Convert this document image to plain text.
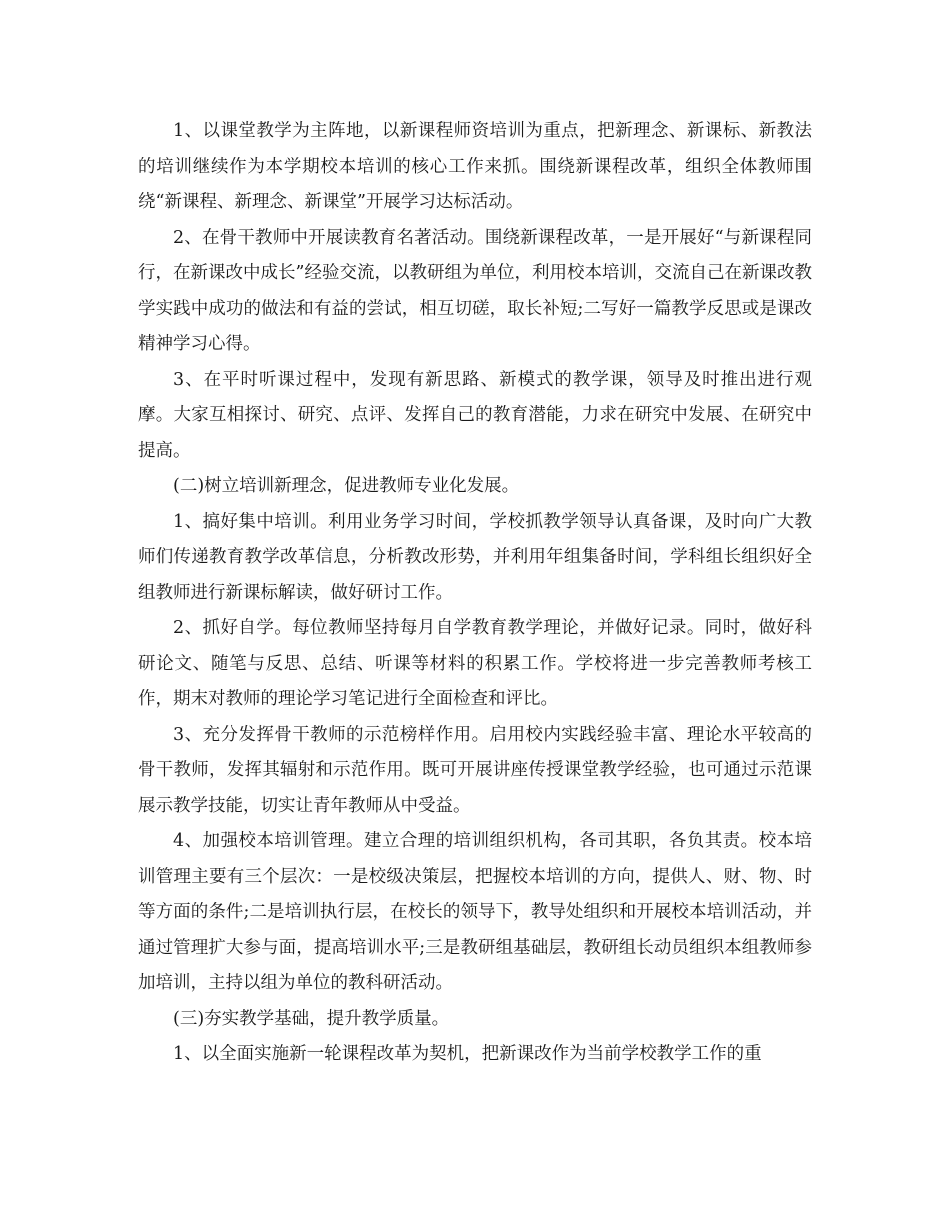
1、以课堂教学为主阵地，以新课程师资培训为重点，把新理念、新课标、新教法的培训继续作为本学期校本培训的核心工作来抓。围绕新课程改革，组织全体教师围绕“新课程、新理念、新课堂”开展学习达标活动。

2、在骨干教师中开展读教育名著活动。围绕新课程改革，一是开展好“与新课程同行，在新课改中成长”经验交流，以教研组为单位，利用校本培训，交流自己在新课改教学实践中成功的做法和有益的尝试，相互切磋，取长补短;二写好一篇教学反思或是课改精神学习心得。

3、在平时听课过程中，发现有新思路、新模式的教学课，领导及时推出进行观摩。大家互相探讨、研究、点评、发挥自己的教育潜能，力求在研究中发展、在研究中提高。

(二)树立培训新理念，促进教师专业化发展。

1、搞好集中培训。利用业务学习时间，学校抓教学领导认真备课，及时向广大教师们传递教育教学改革信息，分析教改形势，并利用年组集备时间，学科组长组织好全组教师进行新课标解读，做好研讨工作。

2、抓好自学。每位教师坚持每月自学教育教学理论，并做好记录。同时，做好科研论文、随笔与反思、总结、听课等材料的积累工作。学校将进一步完善教师考核工作，期末对教师的理论学习笔记进行全面检查和评比。

3、充分发挥骨干教师的示范榜样作用。启用校内实践经验丰富、理论水平较高的骨干教师，发挥其辐射和示范作用。既可开展讲座传授课堂教学经验，也可通过示范课展示教学技能，切实让青年教师从中受益。

4、加强校本培训管理。建立合理的培训组织机构，各司其职，各负其责。校本培训管理主要有三个层次：一是校级决策层，把握校本培训的方向，提供人、财、物、时等方面的条件;二是培训执行层，在校长的领导下，教导处组织和开展校本培训活动，并通过管理扩大参与面，提高培训水平;三是教研组基础层，教研组长动员组织本组教师参加培训，主持以组为单位的教科研活动。

(三)夯实教学基础，提升教学质量。

1、以全面实施新一轮课程改革为契机，把新课改作为当前学校教学工作的重
